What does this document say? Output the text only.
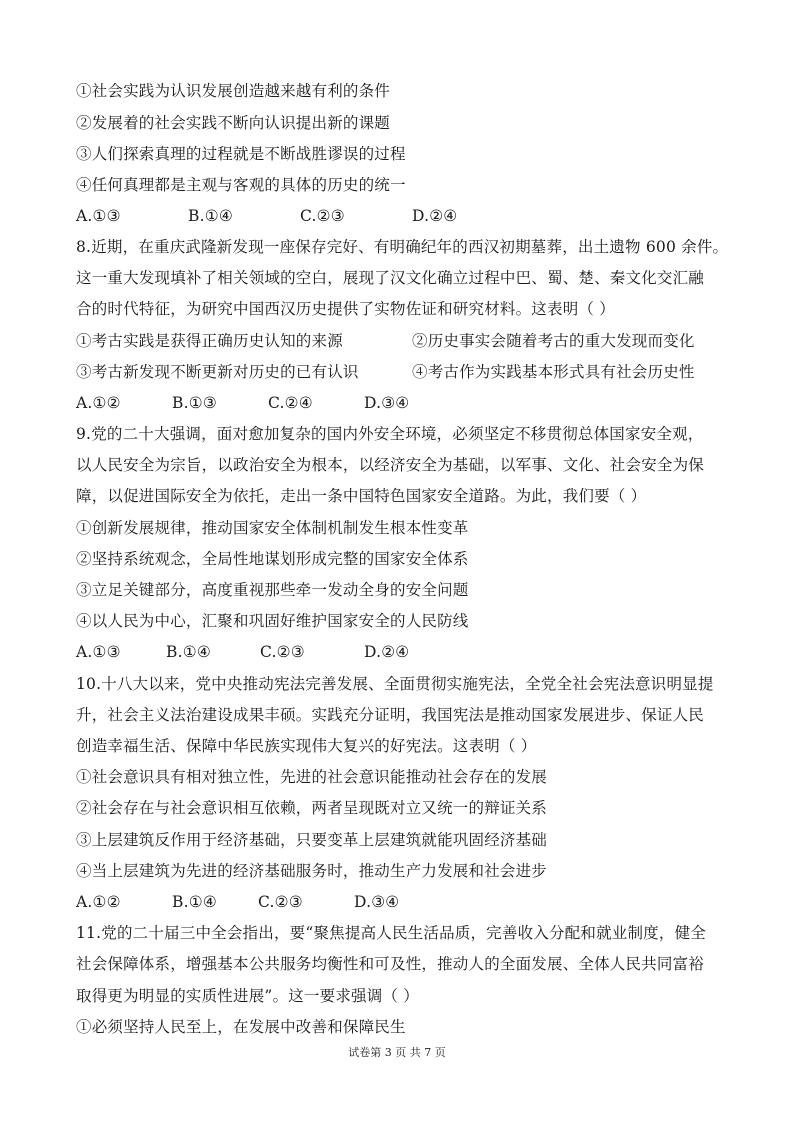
①社会实践为认识发展创造越来越有利的条件
②发展着的社会实践不断向认识提出新的课题
③人们探索真理的过程就是不断战胜谬误的过程
④任何真理都是主观与客观的具体的历史的统一
A.①③	B.①④	C.②③	D.②④
8.近期，在重庆武隆新发现一座保存完好、有明确纪年的西汉初期墓葬，出土遗物 600 余件。
这一重大发现填补了相关领域的空白，展现了汉文化确立过程中巴、蜀、楚、秦文化交汇融
合的时代特征，为研究中国西汉历史提供了实物佐证和研究材料。这表明（ ）
①考古实践是获得正确历史认知的来源	②历史事实会随着考古的重大发现而变化
③考古新发现不断更新对历史的已有认识	④考古作为实践基本形式具有社会历史性
A.①②	B.①③	C.②④	D.③④
9.党的二十大强调，面对愈加复杂的国内外安全环境，必须坚定不移贯彻总体国家安全观，
以人民安全为宗旨，以政治安全为根本，以经济安全为基础，以军事、文化、社会安全为保
障，以促进国际安全为依托，走出一条中国特色国家安全道路。为此，我们要（ ）
①创新发展规律，推动国家安全体制机制发生根本性变革
②坚持系统观念，全局性地谋划形成完整的国家安全体系
③立足关键部分，高度重视那些牵一发动全身的安全问题
④以人民为中心，汇聚和巩固好维护国家安全的人民防线
A.①③	B.①④	C.②③	D.②④
10.十八大以来，党中央推动宪法完善发展、全面贯彻实施宪法，全党全社会宪法意识明显提
升，社会主义法治建设成果丰硕。实践充分证明，我国宪法是推动国家发展进步、保证人民
创造幸福生活、保障中华民族实现伟大复兴的好宪法。这表明（ ）
①社会意识具有相对独立性，先进的社会意识能推动社会存在的发展
②社会存在与社会意识相互依赖，两者呈现既对立又统一的辩证关系
③上层建筑反作用于经济基础，只要变革上层建筑就能巩固经济基础
④当上层建筑为先进的经济基础服务时，推动生产力发展和社会进步
A.①②	B.①④	C.②③	D.③④
11.党的二十届三中全会指出，要“聚焦提高人民生活品质，完善收入分配和就业制度，健全
社会保障体系，增强基本公共服务均衡性和可及性，推动人的全面发展、全体人民共同富裕
取得更为明显的实质性进展”。这一要求强调（ ）
①必须坚持人民至上，在发展中改善和保障民生
试卷第 3 页 共 7 页
